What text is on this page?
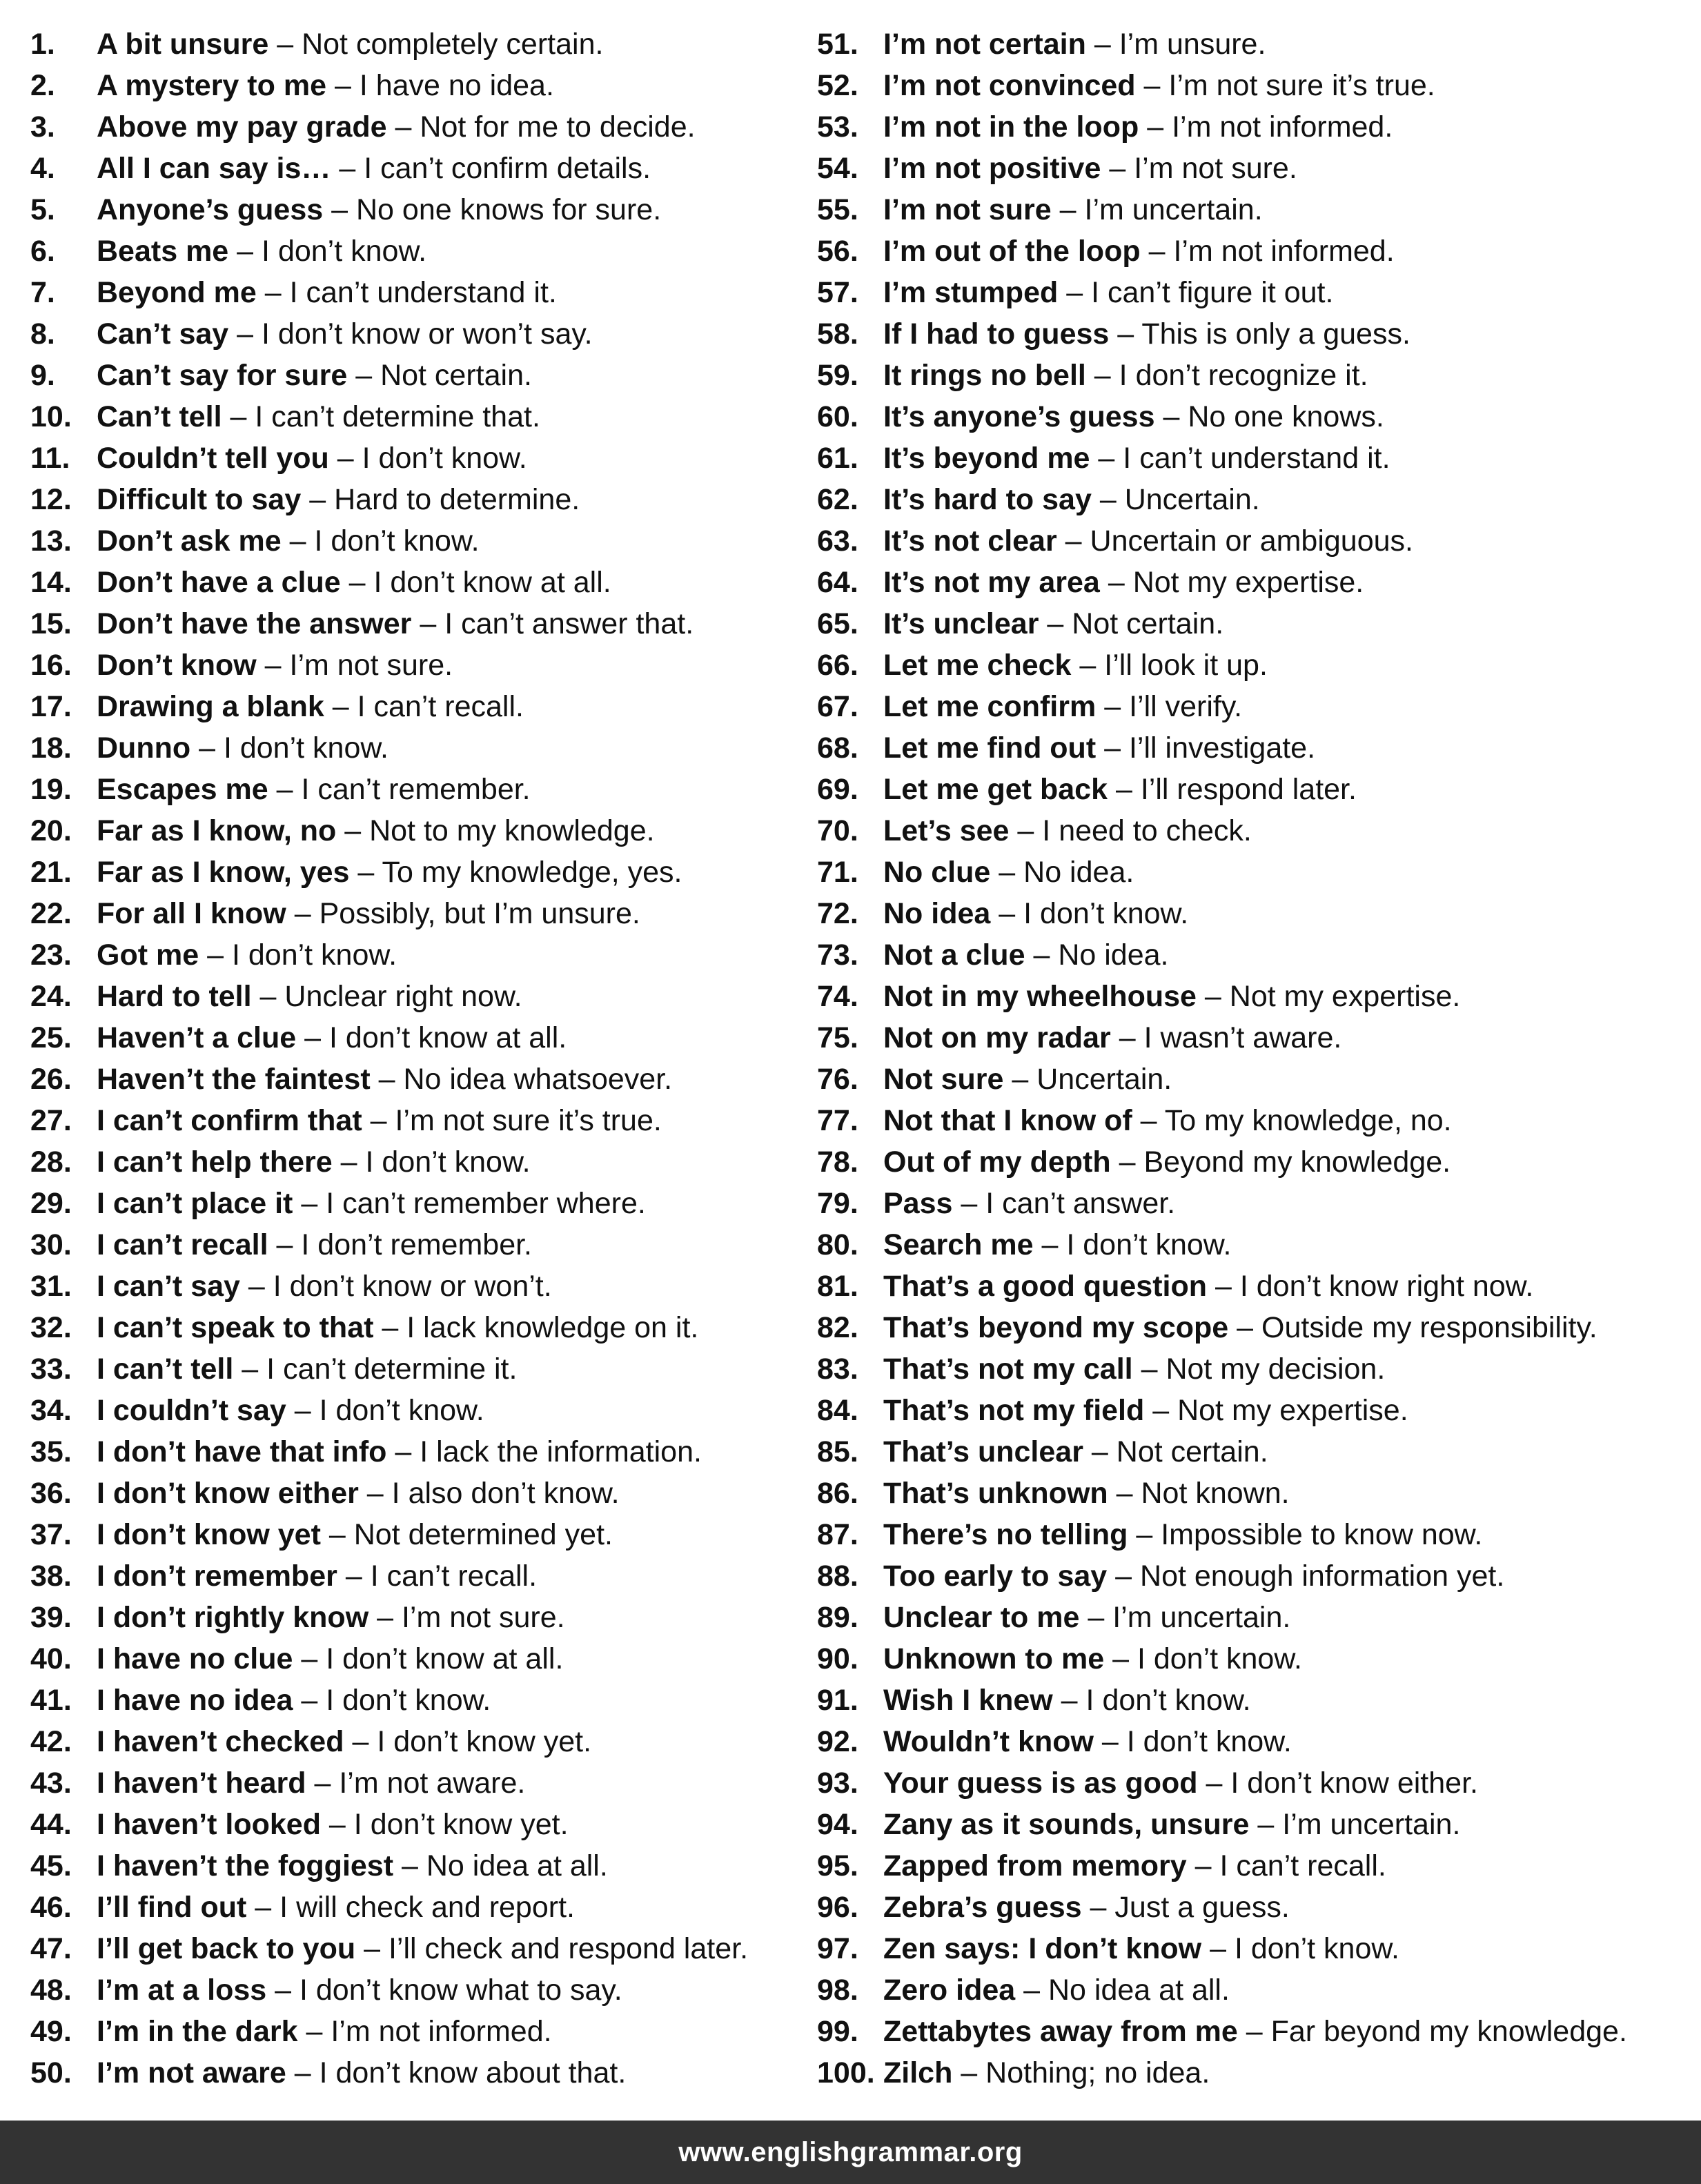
1.	A bit unsure – Not completely certain.
2.	A mystery to me – I have no idea.
3.	Above my pay grade – Not for me to decide.
4.	All I can say is… – I can’t confirm details.
5.	Anyone’s guess – No one knows for sure.
6.	Beats me – I don’t know.
7.	Beyond me – I can’t understand it.
8.	Can’t say – I don’t know or won’t say.
9.	Can’t say for sure – Not certain.
10. Can’t tell – I can’t determine that.
11. Couldn’t tell you – I don’t know.
12. Difficult to say – Hard to determine.
13. Don’t ask me – I don’t know.
14. Don’t have a clue – I don’t know at all.
15. Don’t have the answer – I can’t answer that.
16. Don’t know – I’m not sure.
17. Drawing a blank – I can’t recall.
18. Dunno – I don’t know.
19. Escapes me – I can’t remember.
20. Far as I know, no – Not to my knowledge.
21. Far as I know, yes – To my knowledge, yes.
22. For all I know – Possibly, but I’m unsure.
23. Got me – I don’t know.
24. Hard to tell – Unclear right now.
25. Haven’t a clue – I don’t know at all.
26. Haven’t the faintest – No idea whatsoever.
27. I can’t confirm that – I’m not sure it’s true.
28. I can’t help there – I don’t know.
29. I can’t place it – I can’t remember where.
30. I can’t recall – I don’t remember.
31. I can’t say – I don’t know or won’t.
32. I can’t speak to that – I lack knowledge on it.
33. I can’t tell – I can’t determine it.
34. I couldn’t say – I don’t know.
35. I don’t have that info – I lack the information.
36. I don’t know either – I also don’t know.
37. I don’t know yet – Not determined yet.
38. I don’t remember – I can’t recall.
39. I don’t rightly know – I’m not sure.
40. I have no clue – I don’t know at all.
41. I have no idea – I don’t know.
42. I haven’t checked – I don’t know yet.
43. I haven’t heard – I’m not aware.
44. I haven’t looked – I don’t know yet.
45. I haven’t the foggiest – No idea at all.
46. I’ll find out – I will check and report.
47. I’ll get back to you – I’ll check and respond later.
48. I’m at a loss – I don’t know what to say.
49. I’m in the dark – I’m not informed.
50. I’m not aware – I don’t know about that.
51. I’m not certain – I’m unsure.
52. I’m not convinced – I’m not sure it’s true.
53. I’m not in the loop – I’m not informed.
54. I’m not positive – I’m not sure.
55. I’m not sure – I’m uncertain.
56. I’m out of the loop – I’m not informed.
57. I’m stumped – I can’t figure it out.
58. If I had to guess – This is only a guess.
59. It rings no bell – I don’t recognize it.
60. It’s anyone’s guess – No one knows.
61. It’s beyond me – I can’t understand it.
62. It’s hard to say – Uncertain.
63. It’s not clear – Uncertain or ambiguous.
64. It’s not my area – Not my expertise.
65. It’s unclear – Not certain.
66. Let me check – I’ll look it up.
67. Let me confirm – I’ll verify.
68. Let me find out – I’ll investigate.
69. Let me get back – I’ll respond later.
70. Let’s see – I need to check.
71. No clue – No idea.
72. No idea – I don’t know.
73. Not a clue – No idea.
74. Not in my wheelhouse – Not my expertise.
75. Not on my radar – I wasn’t aware.
76. Not sure – Uncertain.
77. Not that I know of – To my knowledge, no.
78. Out of my depth – Beyond my knowledge.
79. Pass – I can’t answer.
80. Search me – I don’t know.
81. That’s a good question – I don’t know right now.
82. That’s beyond my scope – Outside my responsibility.
83. That’s not my call – Not my decision.
84. That’s not my field – Not my expertise.
85. That’s unclear – Not certain.
86. That’s unknown – Not known.
87. There’s no telling – Impossible to know now.
88. Too early to say – Not enough information yet.
89. Unclear to me – I’m uncertain.
90. Unknown to me – I don’t know.
91. Wish I knew – I don’t know.
92. Wouldn’t know – I don’t know.
93. Your guess is as good – I don’t know either.
94. Zany as it sounds, unsure – I’m uncertain.
95. Zapped from memory – I can’t recall.
96. Zebra’s guess – Just a guess.
97. Zen says: I don’t know – I don’t know.
98. Zero idea – No idea at all.
99. Zettabytes away from me – Far beyond my knowledge.
100. Zilch – Nothing; no idea.
www.englishgrammar.org
